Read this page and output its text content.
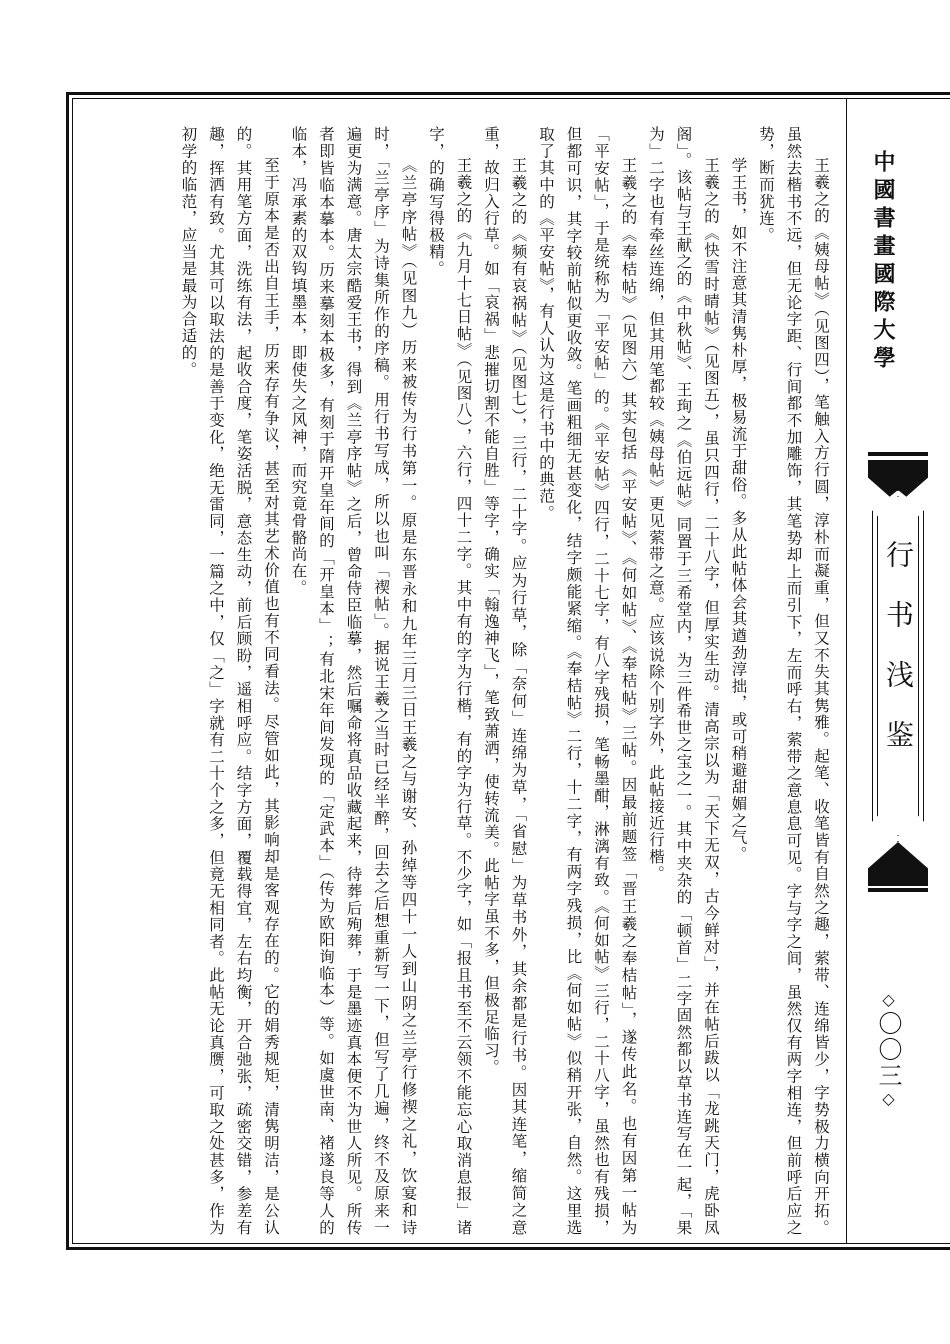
中國書畫國際大學
行书浅鉴
◇〇〇三◇

王羲之的《姨母帖》（见图四），笔触入方行圆，淳朴而凝重，但又不失其隽雅。起笔、收笔皆有自然之趣，萦带、连绵皆少，字势极力横向开拓。虽然去楷书不远，但无论字距、行间都不加雕饰，其笔势却上而引下，左而呼右，萦带之意息息可见。字与字之间，虽然仅有两字相连，但前呼后应之势，断而犹连。

学王书，如不注意其清隽朴厚，极易流于甜俗。多从此帖体会其遒劲淳拙，或可稍避甜媚之气。

王羲之的《快雪时晴帖》（见图五），虽只四行，二十八字，但厚实生动。清高宗以为「天下无双，古今鲜对」，并在帖后跋以「龙跳天门，虎卧凤阁」。该帖与王献之的《中秋帖》、王珣之《伯远帖》同置于三希堂内，为三件希世之宝之一。其中夹杂的「顿首」二字固然都以草书连写在一起，「果为」二字也有牵丝连绵，但其用笔都较《姨母帖》更见萦带之意。应该说除个别字外，此帖接近行楷。

王羲之的《奉桔帖》（见图六）其实包括《平安帖》、《何如帖》、《奉桔帖》三帖。因最前题签「晋王羲之奉桔帖」，遂传此名。也有因第一帖为「平安帖」，于是统称为「平安帖」的。《平安帖》四行，二十七字，有八字残损，笔畅墨酣，淋漓有致。《何如帖》三行，二十八字，虽然也有残损，但都可识，其字较前帖似更收敛。笔画粗细无甚变化，结字颇能紧缩。《奉桔帖》二行，十二字，有两字残损，比《何如帖》似稍开张，自然。这里选取了其中的《平安帖》，有人认为这是行书中的典范。

王羲之的《频有哀祸帖》（见图七），三行，二十字。应为行草，除「奈何」连绵为草，「省慰」为草书外，其余都是行书。因其连笔，缩简之意重，故归入行草。如「哀祸」悲摧切割不能自胜」等字，确实「翰逸神飞」，笔致萧洒，使转流美。此帖字虽不多，但极足临习。

王羲之的《九月十七日帖》（见图八），六行，四十二字。其中有的字为行楷，有的字为行草。不少字，如「报且书至不云领不能忘心取消息报」诸字，的确写得极精。

《兰亭序帖》（见图九）历来被传为行书第一。原是东晋永和九年三月三日王羲之与谢安、孙绰等四十一人到山阴之兰亭行修禊之礼，饮宴和诗时，「兰亭序」为诗集所作的序稿。用行书写成，所以也叫「禊帖」。据说王羲之当时已经半醉，回去之后想重新写一下，但写了几遍，终不及原来一遍更为满意。唐太宗酷爱王书，得到《兰亭序帖》之后，曾命侍臣临摹，然后嘱命将真品收藏起来，待葬后殉葬，于是墨迹真本便不为世人所见。所传者即皆临本摹本。历来摹刻本极多，有刻于隋开皇年间的「开皇本」；有北宋年间发现的「定武本」（传为欧阳询临本）等。如虞世南、褚遂良等人的临本，冯承素的双钩填墨本，即使失之风神，而究竟骨骼尚在。

至于原本是否出自王手，历来存有争议，甚至对其艺术价值也有不同看法。尽管如此，其影响却是客观存在的。它的娟秀规矩，清隽明洁，是公认的。其用笔方面，洗练有法，起收合度，笔姿活脱，意态生动，前后顾盼，遥相呼应。结字方面，覆载得宜，左右均衡，开合弛张，疏密交错，参差有趣，挥洒有致。尤其可以取法的是善于变化，绝无雷同，一篇之中，仅「之」字就有二十个之多，但竟无相同者。此帖无论真赝，可取之处甚多，作为初学的临范，应当是最为合适的。
